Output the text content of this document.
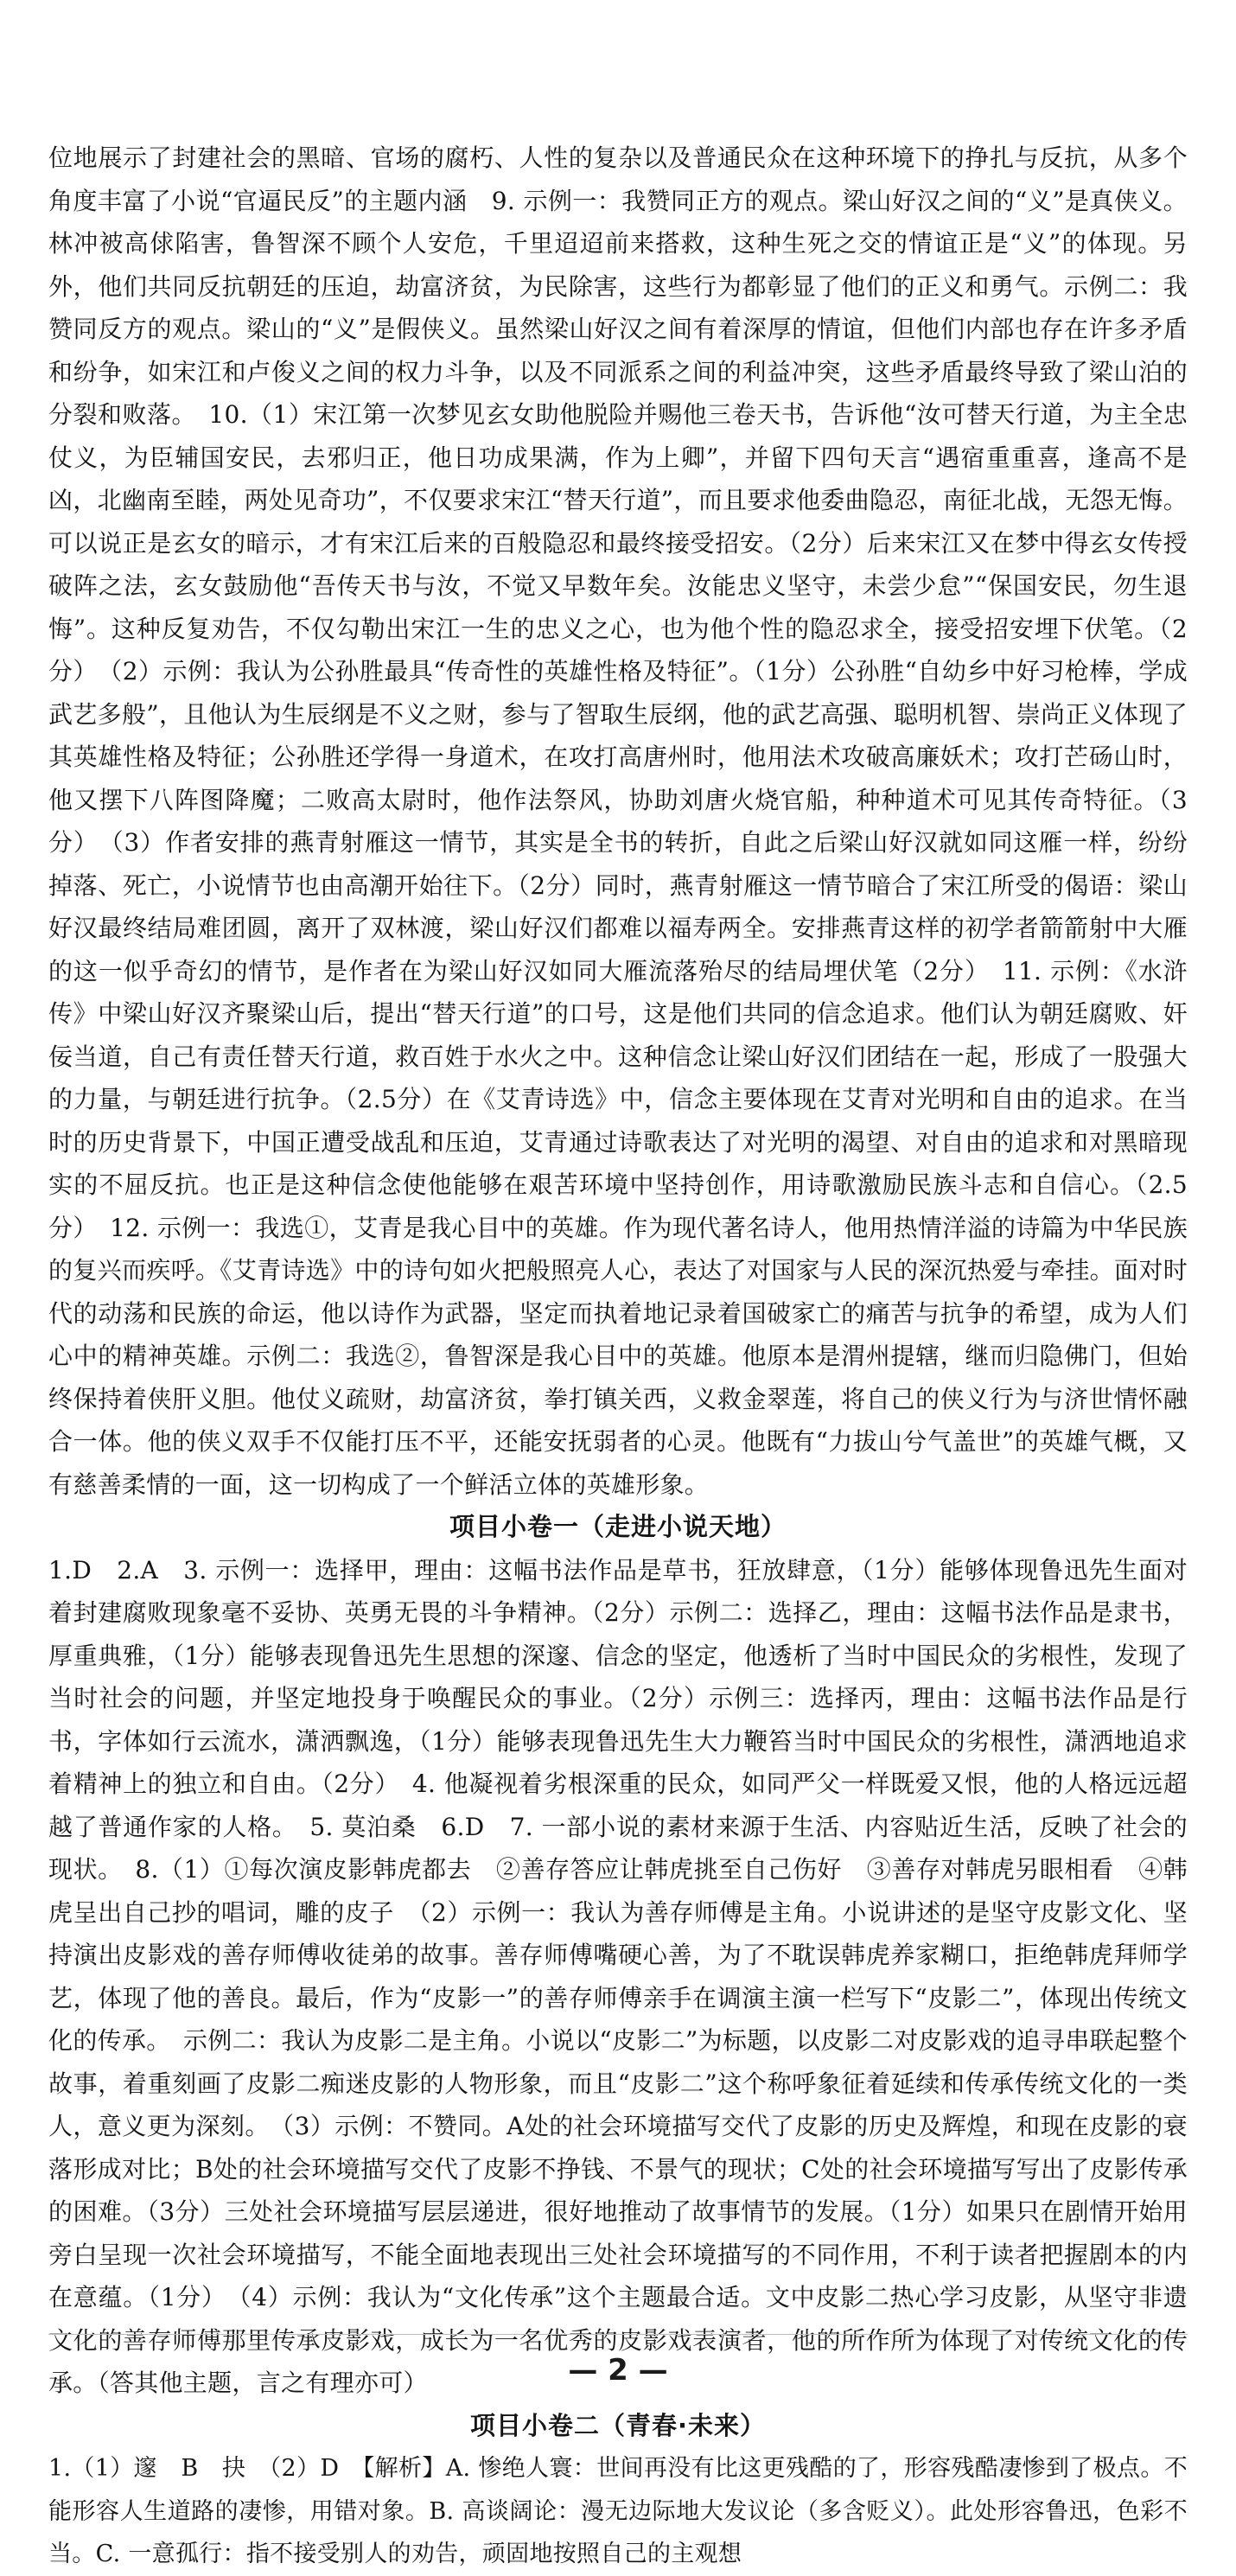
位地展示了封建社会的黑暗、官场的腐朽、人性的复杂以及普通民众在这种环境下的挣扎与反抗，从多个角度丰富了小说“官逼民反”的主题内涵　9. 示例一：我赞同正方的观点。梁山好汉之间的“义”是真侠义。林冲被高俅陷害，鲁智深不顾个人安危，千里迢迢前来搭救，这种生死之交的情谊正是“义”的体现。另外，他们共同反抗朝廷的压迫，劫富济贫，为民除害，这些行为都彰显了他们的正义和勇气。示例二：我赞同反方的观点。梁山的“义”是假侠义。虽然梁山好汉之间有着深厚的情谊，但他们内部也存在许多矛盾和纷争，如宋江和卢俊义之间的权力斗争，以及不同派系之间的利益冲突，这些矛盾最终导致了梁山泊的分裂和败落。　10.（1）宋江第一次梦见玄女助他脱险并赐他三卷天书，告诉他“汝可替天行道，为主全忠仗义，为臣辅国安民，去邪归正，他日功成果满，作为上卿”，并留下四句天言“遇宿重重喜，逢高不是凶，北幽南至睦，两处见奇功”，不仅要求宋江“替天行道”，而且要求他委曲隐忍，南征北战，无怨无悔。可以说正是玄女的暗示，才有宋江后来的百般隐忍和最终接受招安。（2分）后来宋江又在梦中得玄女传授破阵之法，玄女鼓励他“吾传天书与汝，不觉又早数年矣。汝能忠义坚守，未尝少怠”“保国安民，勿生退悔”。这种反复劝告，不仅勾勒出宋江一生的忠义之心，也为他个性的隐忍求全，接受招安埋下伏笔。（2分）　（2）示例：我认为公孙胜最具“传奇性的英雄性格及特征”。（1分）公孙胜“自幼乡中好习枪棒，学成武艺多般”，且他认为生辰纲是不义之财，参与了智取生辰纲，他的武艺高强、聪明机智、崇尚正义体现了其英雄性格及特征；公孙胜还学得一身道术，在攻打高唐州时，他用法术攻破高廉妖术；攻打芒砀山时，他又摆下八阵图降魔；二败高太尉时，他作法祭风，协助刘唐火烧官船，种种道术可见其传奇特征。（3分）　（3）作者安排的燕青射雁这一情节，其实是全书的转折，自此之后梁山好汉就如同这雁一样，纷纷掉落、死亡，小说情节也由高潮开始往下。（2分）同时，燕青射雁这一情节暗合了宋江所受的偈语：梁山好汉最终结局难团圆，离开了双林渡，梁山好汉们都难以福寿两全。安排燕青这样的初学者箭箭射中大雁的这一似乎奇幻的情节，是作者在为梁山好汉如同大雁流落殆尽的结局埋伏笔（2分）　11. 示例：《水浒传》中梁山好汉齐聚梁山后，提出“替天行道”的口号，这是他们共同的信念追求。他们认为朝廷腐败、奸佞当道，自己有责任替天行道，救百姓于水火之中。这种信念让梁山好汉们团结在一起，形成了一股强大的力量，与朝廷进行抗争。（2.5分）在《艾青诗选》中，信念主要体现在艾青对光明和自由的追求。在当时的历史背景下，中国正遭受战乱和压迫，艾青通过诗歌表达了对光明的渴望、对自由的追求和对黑暗现实的不屈反抗。也正是这种信念使他能够在艰苦环境中坚持创作，用诗歌激励民族斗志和自信心。（2.5分）　12. 示例一：我选①，艾青是我心目中的英雄。作为现代著名诗人，他用热情洋溢的诗篇为中华民族的复兴而疾呼。《艾青诗选》中的诗句如火把般照亮人心，表达了对国家与人民的深沉热爱与牵挂。面对时代的动荡和民族的命运，他以诗作为武器，坚定而执着地记录着国破家亡的痛苦与抗争的希望，成为人们心中的精神英雄。示例二：我选②，鲁智深是我心目中的英雄。他原本是渭州提辖，继而归隐佛门，但始终保持着侠肝义胆。他仗义疏财，劫富济贫，拳打镇关西，义救金翠莲，将自己的侠义行为与济世情怀融合一体。他的侠义双手不仅能打压不平，还能安抚弱者的心灵。他既有“力拔山兮气盖世”的英雄气概，又有慈善柔情的一面，这一切构成了一个鲜活立体的英雄形象。

项目小卷一（走进小说天地）

1.D　2.A　3. 示例一：选择甲，理由：这幅书法作品是草书，狂放肆意，（1分）能够体现鲁迅先生面对着封建腐败现象毫不妥协、英勇无畏的斗争精神。（2分）示例二：选择乙，理由：这幅书法作品是隶书，厚重典雅，（1分）能够表现鲁迅先生思想的深邃、信念的坚定，他透析了当时中国民众的劣根性，发现了当时社会的问题，并坚定地投身于唤醒民众的事业。（2分）示例三：选择丙，理由：这幅书法作品是行书，字体如行云流水，潇洒飘逸，（1分）能够表现鲁迅先生大力鞭笞当时中国民众的劣根性，潇洒地追求着精神上的独立和自由。（2分）　4. 他凝视着劣根深重的民众，如同严父一样既爱又恨，他的人格远远超越了普通作家的人格。　5. 莫泊桑　6.D　7. 一部小说的素材来源于生活、内容贴近生活，反映了社会的现状。　8.（1）①每次演皮影韩虎都去　②善存答应让韩虎挑至自己伤好　③善存对韩虎另眼相看　④韩虎呈出自己抄的唱词，雕的皮子　（2）示例一：我认为善存师傅是主角。小说讲述的是坚守皮影文化、坚持演出皮影戏的善存师傅收徒弟的故事。善存师傅嘴硬心善，为了不耽误韩虎养家糊口，拒绝韩虎拜师学艺，体现了他的善良。最后，作为“皮影一”的善存师傅亲手在调演主演一栏写下“皮影二”，体现出传统文化的传承。　示例二：我认为皮影二是主角。小说以“皮影二”为标题，以皮影二对皮影戏的追寻串联起整个故事，着重刻画了皮影二痴迷皮影的人物形象，而且“皮影二”这个称呼象征着延续和传承传统文化的一类人，意义更为深刻。　（3）示例：不赞同。A处的社会环境描写交代了皮影的历史及辉煌，和现在皮影的衰落形成对比；B处的社会环境描写交代了皮影不挣钱、不景气的现状；C处的社会环境描写写出了皮影传承的困难。（3分）三处社会环境描写层层递进，很好地推动了故事情节的发展。（1分）如果只在剧情开始用旁白呈现一次社会环境描写，不能全面地表现出三处社会环境描写的不同作用，不利于读者把握剧本的内在意蕴。（1分）　（4）示例：我认为“文化传承”这个主题最合适。文中皮影二热心学习皮影，从坚守非遗文化的善存师傅那里传承皮影戏，成长为一名优秀的皮影戏表演者，他的所作所为体现了对传统文化的传承。（答其他主题，言之有理亦可）

项目小卷二（青春·未来）

1.（1）邃　B　抉　（2）D　【解析】A. 惨绝人寰：世间再没有比这更残酷的了，形容残酷凄惨到了极点。不能形容人生道路的凄惨，用错对象。B. 高谈阔论：漫无边际地大发议论（多含贬义）。此处形容鲁迅，色彩不当。C. 一意孤行：指不接受别人的劝告，顽固地按照自己的主观想

— 2 —
